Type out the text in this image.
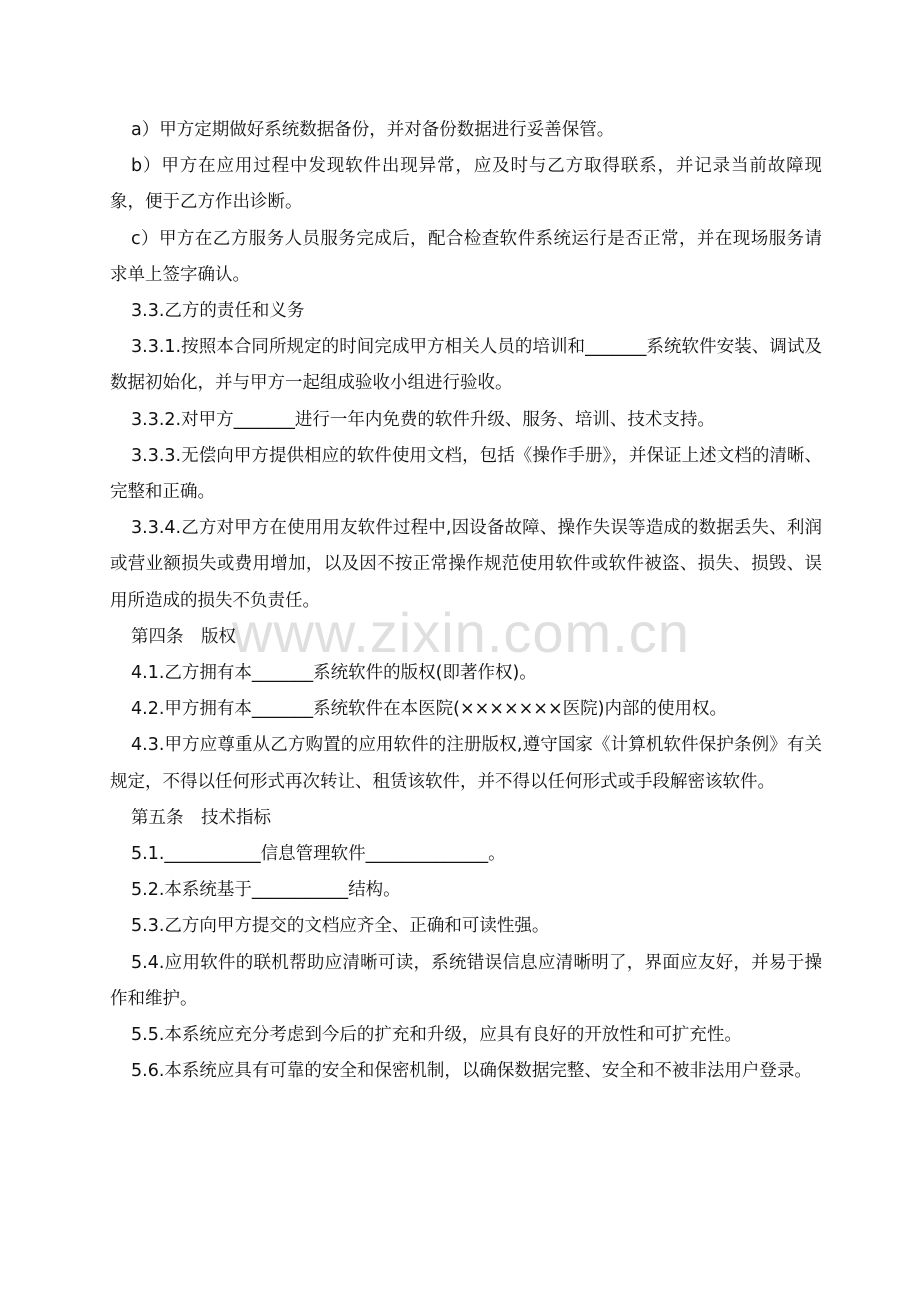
www.zixin.com.cn

a）甲方定期做好系统数据备份，并对备份数据进行妥善保管。

b）甲方在应用过程中发现软件出现异常，应及时与乙方取得联系，并记录当前故障现象，便于乙方作出诊断。

c）甲方在乙方服务人员服务完成后，配合检查软件系统运行是否正常，并在现场服务请求单上签字确认。

3.3.乙方的责任和义务

3.3.1.按照本合同所规定的时间完成甲方相关人员的培训和_______系统软件安装、调试及数据初始化，并与甲方一起组成验收小组进行验收。

3.3.2.对甲方_______进行一年内免费的软件升级、服务、培训、技术支持。

3.3.3.无偿向甲方提供相应的软件使用文档，包括《操作手册》，并保证上述文档的清晰、完整和正确。

3.3.4.乙方对甲方在使用用友软件过程中,因设备故障、操作失误等造成的数据丢失、利润或营业额损失或费用增加，以及因不按正常操作规范使用软件或软件被盗、损失、损毁、误用所造成的损失不负责任。

第四条　版权

4.1.乙方拥有本_______系统软件的版权(即著作权)。

4.2.甲方拥有本_______系统软件在本医院(×××××××医院)内部的使用权。

4.3.甲方应尊重从乙方购置的应用软件的注册版权,遵守国家《计算机软件保护条例》有关规定，不得以任何形式再次转让、租赁该软件，并不得以任何形式或手段解密该软件。

第五条　技术指标

5.1.___________信息管理软件______________。

5.2.本系统基于___________结构。

5.3.乙方向甲方提交的文档应齐全、正确和可读性强。

5.4.应用软件的联机帮助应清晰可读，系统错误信息应清晰明了，界面应友好，并易于操作和维护。

5.5.本系统应充分考虑到今后的扩充和升级，应具有良好的开放性和可扩充性。

5.6.本系统应具有可靠的安全和保密机制，以确保数据完整、安全和不被非法用户登录。
